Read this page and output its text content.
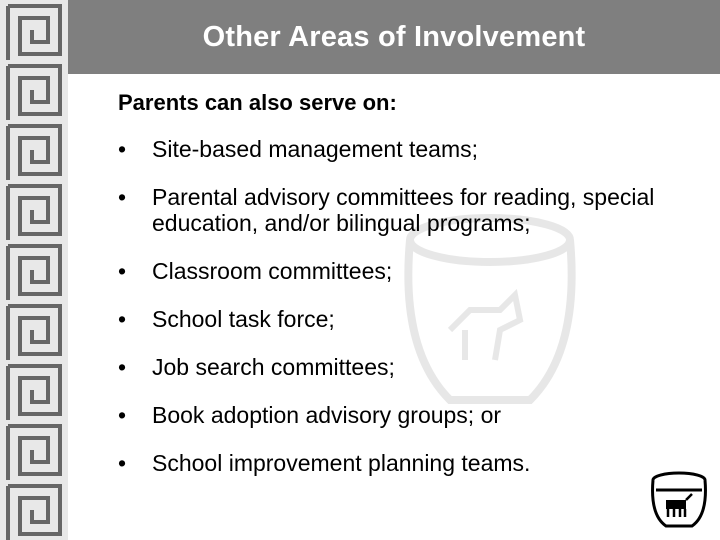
Other Areas of Involvement
Parents can also serve on:
• Site-based management teams;
• Parental advisory committees for reading, special education, and/or bilingual programs;
• Classroom committees;
• School task force;
• Job search committees;
• Book adoption advisory groups; or
• School improvement planning teams.
